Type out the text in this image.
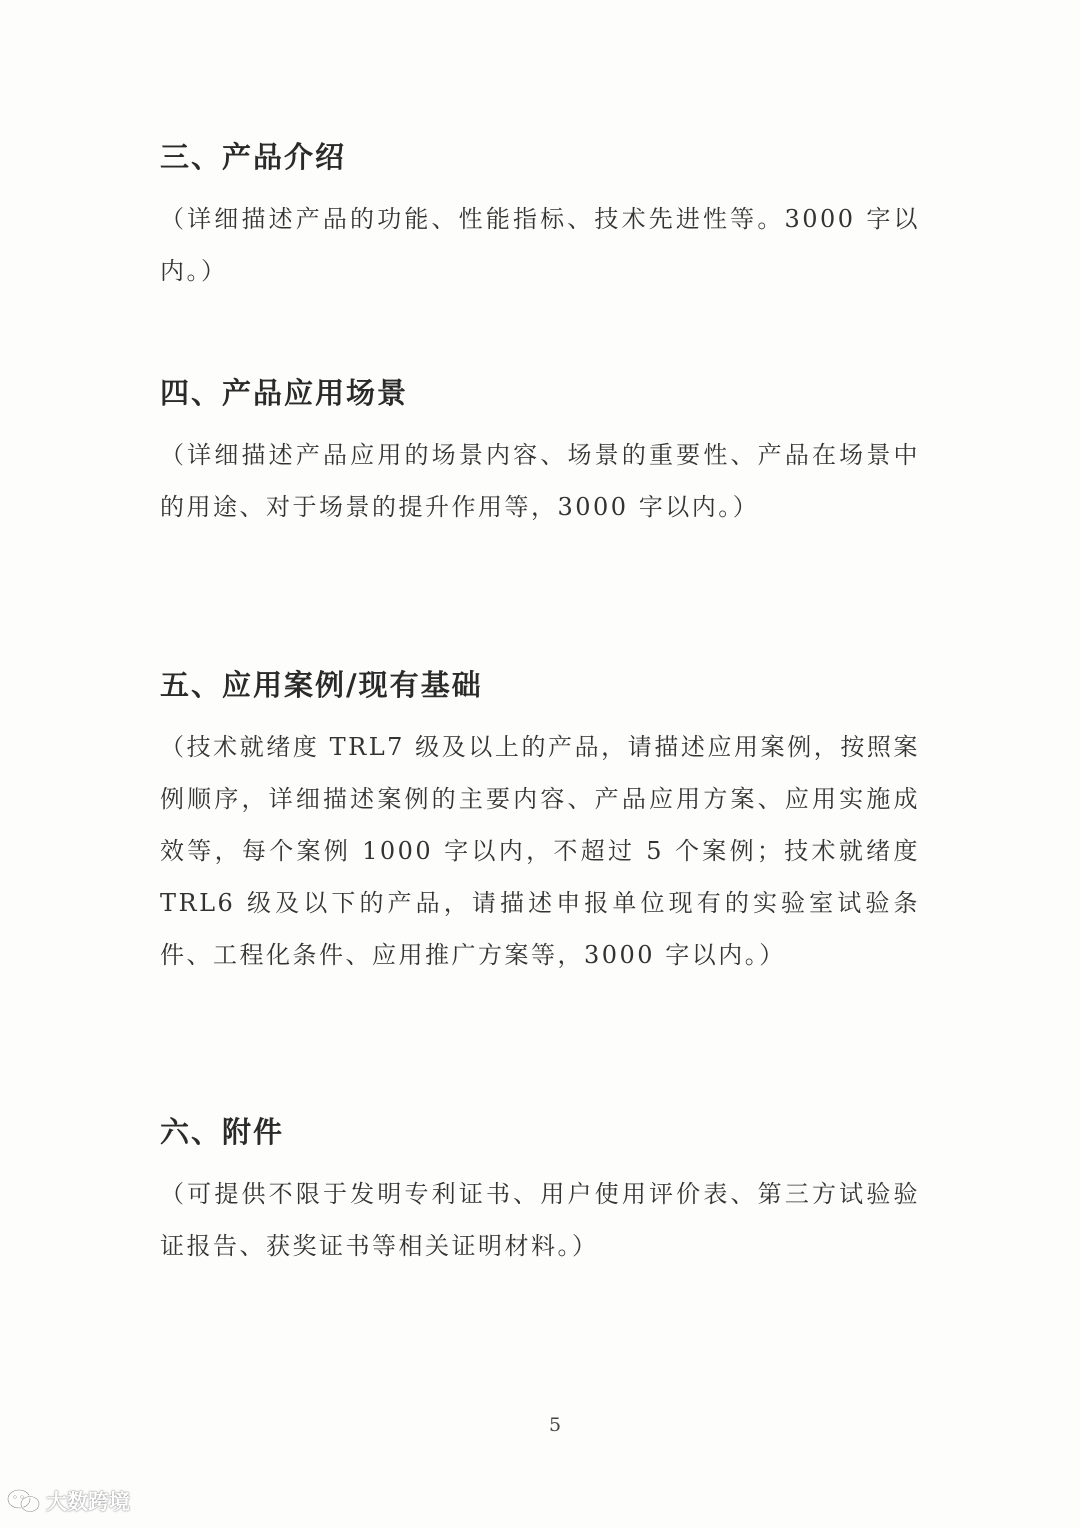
三、产品介绍

（详细描述产品的功能、性能指标、技术先进性等。3000 字以内。）

四、产品应用场景

（详细描述产品应用的场景内容、场景的重要性、产品在场景中的用途、对于场景的提升作用等，3000 字以内。）

五、应用案例/现有基础

（技术就绪度 TRL7 级及以上的产品，请描述应用案例，按照案例顺序，详细描述案例的主要内容、产品应用方案、应用实施成效等，每个案例 1000 字以内，不超过 5 个案例；技术就绪度 TRL6 级及以下的产品，请描述申报单位现有的实验室试验条件、工程化条件、应用推广方案等，3000 字以内。）

六、附件

（可提供不限于发明专利证书、用户使用评价表、第三方试验验证报告、获奖证书等相关证明材料。）

5
大数跨境
